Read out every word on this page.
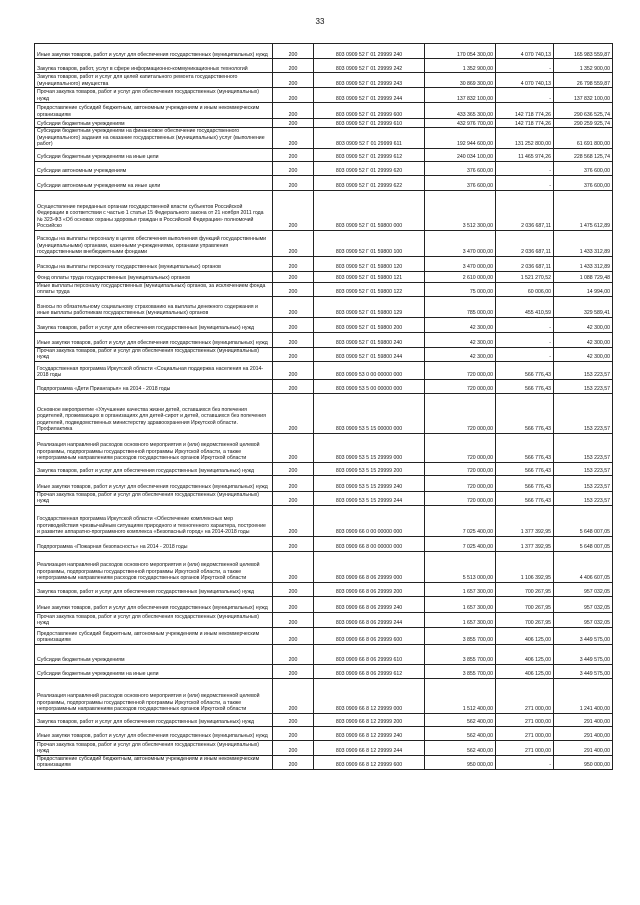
33
Иные закупки товаров, работ и услуг для обеспечения государственных (муниципальных) нужд	200	803 0909 52 Г 01 29999 240	170 054 300,00	4 070 740,13	165 983 559,87
Закупка товаров, работ, услуг в сфере информационно-коммуникационных технологий	200	803 0909 52 Г 01 29999 242	1 352 900,00	-	1 352 900,00
Закупка товаров, работ и услуг для целей капитального ремонта государственного (муниципального) имущества	200	803 0909 52 Г 01 29999 243	30 869 300,00	4 070 740,13	26 798 559,87
Прочая закупка товаров, работ и услуг для обеспечения государственных (муниципальных) нужд	200	803 0909 52 Г 01 29999 244	137 832 100,00	-	137 832 100,00
Предоставление субсидий бюджетным, автономным учреждениям и иным некоммерческим организациям	200	803 0909 52 Г 01 29999 600	433 365 300,00	142 718 774,26	290 636 525,74
Субсидии бюджетным учреждениям	200	803 0909 52 Г 01 29999 610	432 976 700,00	142 718 774,26	290 259 925,74
Субсидии бюджетным учреждениям на финансовое обеспечение государственного (муниципального) задания на оказание государственных (муниципальных) услуг (выполнение работ)	200	803 0909 52 Г 01 29999 611	192 944 600,00	131 252 800,00	61 691 800,00
Субсидии бюджетным учреждениям на иные цели	200	803 0909 52 Г 01 29999 612	240 034 100,00	11 465 974,26	228 568 125,74
Субсидии автономным учреждениям	200	803 0909 52 Г 01 29999 620	376 600,00	-	376 600,00
Субсидии автономным учреждениям на иные цели	200	803 0909 52 Г 01 29999 622	376 600,00	-	376 600,00
Осуществление переданных органам государственной власти субъектов Российской Федерации в соответствии с частью 1 статьи 15 Федерального закона от 21 ноября 2011 года № 323-ФЗ «Об основах охраны здоровья граждан в Российской Федерации» полномочий Российско	200	803 0909 52 Г 01 59800 000	3 512 300,00	2 036 687,11	1 475 612,89
Расходы на выплаты персоналу в целях обеспечения выполнения функций государственными (муниципальными) органами, казенными учреждениями, органами управления государственными внебюджетными фондами	200	803 0909 52 Г 01 59800 100	3 470 000,00	2 036 687,11	1 433 312,89
Расходы на выплаты персоналу государственных (муниципальных) органов	200	803 0909 52 Г 01 59800 120	3 470 000,00	2 036 687,11	1 433 312,89
Фонд оплаты труда государственных (муниципальных) органов	200	803 0909 52 Г 01 59800 121	2 610 000,00	1 521 270,52	1 088 729,48
Иные выплаты персоналу государственных (муниципальных) органов, за исключением фонда оплаты труда	200	803 0909 52 Г 01 59800 122	75 000,00	60 006,00	14 994,00
Взносы по обязательному социальному страхованию на выплаты денежного содержания и иные выплаты работникам государственных (муниципальных) органов	200	803 0909 52 Г 01 59800 129	785 000,00	455 410,59	329 589,41
Закупка товаров, работ и услуг для обеспечения государственных (муниципальных) нужд	200	803 0909 52 Г 01 59800 200	42 300,00	-	42 300,00
Иные закупки товаров, работ и услуг для обеспечения государственных (муниципальных) нужд	200	803 0909 52 Г 01 59800 240	42 300,00	-	42 300,00
Прочая закупка товаров, работ и услуг для обеспечения государственных (муниципальных) нужд	200	803 0909 52 Г 01 59800 244	42 300,00	-	42 300,00
Государственная программа Иркутской области «Социальная поддержка населения на 2014-2018 годы	200	803 0909 53 0 00 00000 000	720 000,00	566 776,43	153 223,57
Подпрограмма «Дети Приангарья» на 2014 - 2018 годы	200	803 0909 53 5 00 00000 000	720 000,00	566 776,43	153 223,57
Основное мероприятие «Улучшение качества жизни детей, оставшихся без попечения родителей, проживающих в организациях для детей-сирот и детей, оставшихся без попечения родителей, подведомственных министерству здравоохранения Иркутской области. Профилактика	200	803 0909 53 5 15 00000 000	720 000,00	566 776,43	153 223,57
Реализация направлений расходов основного мероприятия и (или) ведомственной целевой программы, подпрограммы государственной программы Иркутской области, а также непрограммным направлениям расходов государственных органов Иркутской области	200	803 0909 53 5 15 29999 000	720 000,00	566 776,43	153 223,57
Закупка товаров, работ и услуг для обеспечения государственных (муниципальных) нужд	200	803 0909 53 5 15 29999 200	720 000,00	566 776,43	153 223,57
Иные закупки товаров, работ и услуг для обеспечения государственных (муниципальных) нужд	200	803 0909 53 5 15 29999 240	720 000,00	566 776,43	153 223,57
Прочая закупка товаров, работ и услуг для обеспечения государственных (муниципальных) нужд	200	803 0909 53 5 15 29999 244	720 000,00	566 776,43	153 223,57
Государственная программа Иркутской области «Обеспечение комплексных мер противодействия чрезвычайным ситуациям природного и техногенного характера, построение и развитие аппаратно-программного комплекса «Безопасный город» на 2014-2018 годы	200	803 0909 66 0 00 00000 000	7 025 400,00	1 377 392,95	5 648 007,05
Подпрограмма «Пожарная безопасность» на 2014 - 2018 годы	200	803 0909 66 8 00 00000 000	7 025 400,00	1 377 392,95	5 648 007,05
Реализация направлений расходов основного мероприятия и (или) ведомственной целевой программы, подпрограммы государственной программы Иркутской области, а также непрограммным направлениям расходов государственных органов Иркутской области	200	803 0909 66 8 06 29999 000	5 513 000,00	1 106 392,95	4 406 607,05
Закупка товаров, работ и услуг для обеспечения государственных (муниципальных) нужд	200	803 0909 66 8 06 29999 200	1 657 300,00	700 267,95	957 032,05
Иные закупки товаров, работ и услуг для обеспечения государственных (муниципальных) нужд	200	803 0909 66 8 06 29999 240	1 657 300,00	700 267,95	957 032,05
Прочая закупка товаров, работ и услуг для обеспечения государственных (муниципальных) нужд	200	803 0909 66 8 06 29999 244	1 657 300,00	700 267,95	957 032,05
Предоставление субсидий бюджетным, автономным учреждениям и иным некоммерческим организациям	200	803 0909 66 8 06 29999 600	3 855 700,00	406 125,00	3 449 575,00
Субсидии бюджетным учреждениям	200	803 0909 66 8 06 29999 610	3 855 700,00	406 125,00	3 449 575,00
Субсидии бюджетным учреждениям на иные цели	200	803 0909 66 8 06 29999 612	3 855 700,00	406 125,00	3 449 575,00
Реализация направлений расходов основного мероприятия и (или) ведомственной целевой программы, подпрограммы государственной программы Иркутской области, а также непрограммным направлениям расходов государственных органов Иркутской области	200	803 0909 66 8 12 29999 000	1 512 400,00	271 000,00	1 241 400,00
Закупка товаров, работ и услуг для обеспечения государственных (муниципальных) нужд	200	803 0909 66 8 12 29999 200	562 400,00	271 000,00	291 400,00
Иные закупки товаров, работ и услуг для обеспечения государственных (муниципальных) нужд	200	803 0909 66 8 12 29999 240	562 400,00	271 000,00	291 400,00
Прочая закупка товаров, работ и услуг для обеспечения государственных (муниципальных) нужд	200	803 0909 66 8 12 29999 244	562 400,00	271 000,00	291 400,00
Предоставление субсидий бюджетным, автономным учреждениям и иным некоммерческим организациям	200	803 0909 66 8 12 29999 600	950 000,00	-	950 000,00
